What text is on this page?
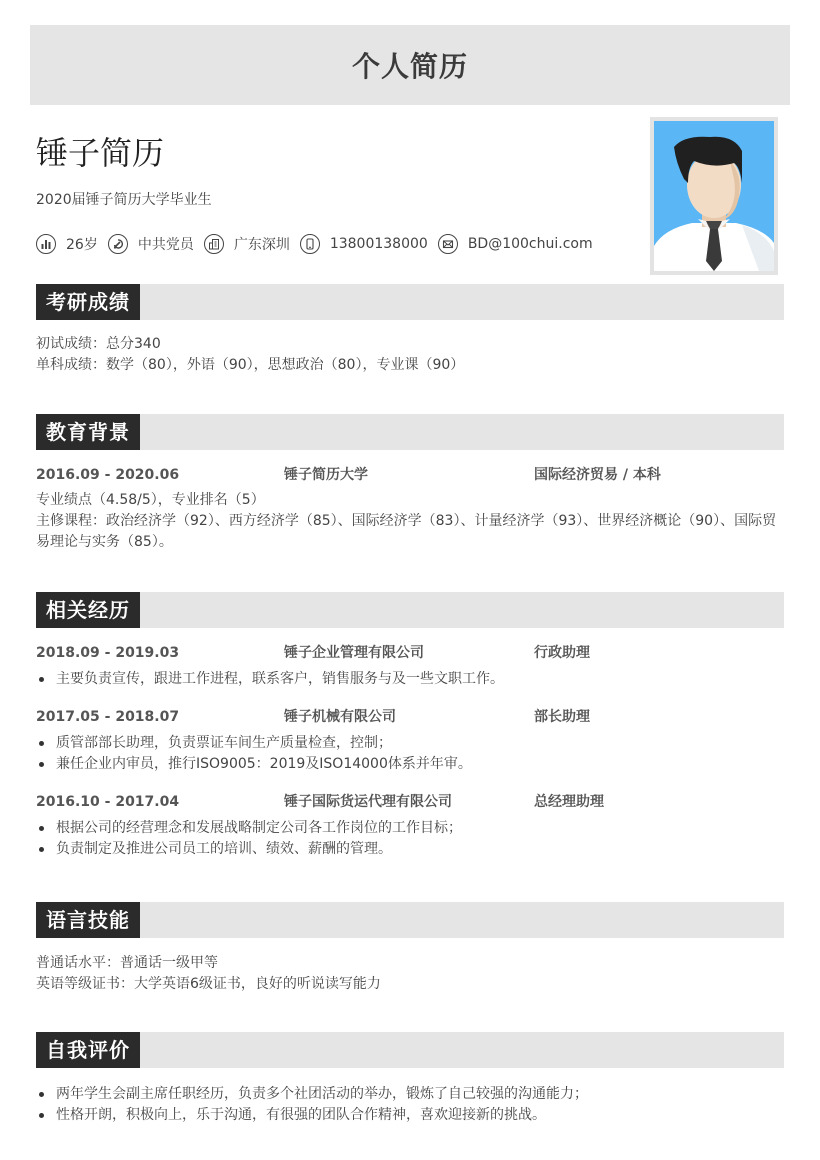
个人简历
锤子简历
2020届锤子简历大学毕业生
26岁	中共党员	广东深圳	13800138000	BD@100chui.com
考研成绩
初试成绩：总分340
单科成绩：数学（80），外语（90），思想政治（80），专业课（90）
教育背景
2016.09 - 2020.06	锤子简历大学	国际经济贸易 / 本科
专业绩点（4.58/5），专业排名（5）
主修课程：政治经济学（92）、西方经济学（85）、国际经济学（83）、计量经济学（93）、世界经济概论（90）、国际贸易理论与实务（85）。
相关经历
2018.09 - 2019.03	锤子企业管理有限公司	行政助理
主要负责宣传，跟进工作进程，联系客户，销售服务与及一些文职工作。
2017.05 - 2018.07	锤子机械有限公司	部长助理
质管部部长助理，负责票证车间生产质量检查，控制；
兼任企业内审员，推行ISO9005：2019及ISO14000体系并年审。
2016.10 - 2017.04	锤子国际货运代理有限公司	总经理助理
根据公司的经营理念和发展战略制定公司各工作岗位的工作目标；
负责制定及推进公司员工的培训、绩效、薪酬的管理。
语言技能
普通话水平：普通话一级甲等
英语等级证书：大学英语6级证书，良好的听说读写能力
自我评价
两年学生会副主席任职经历，负责多个社团活动的举办，锻炼了自己较强的沟通能力；
性格开朗，积极向上，乐于沟通，有很强的团队合作精神，喜欢迎接新的挑战。
